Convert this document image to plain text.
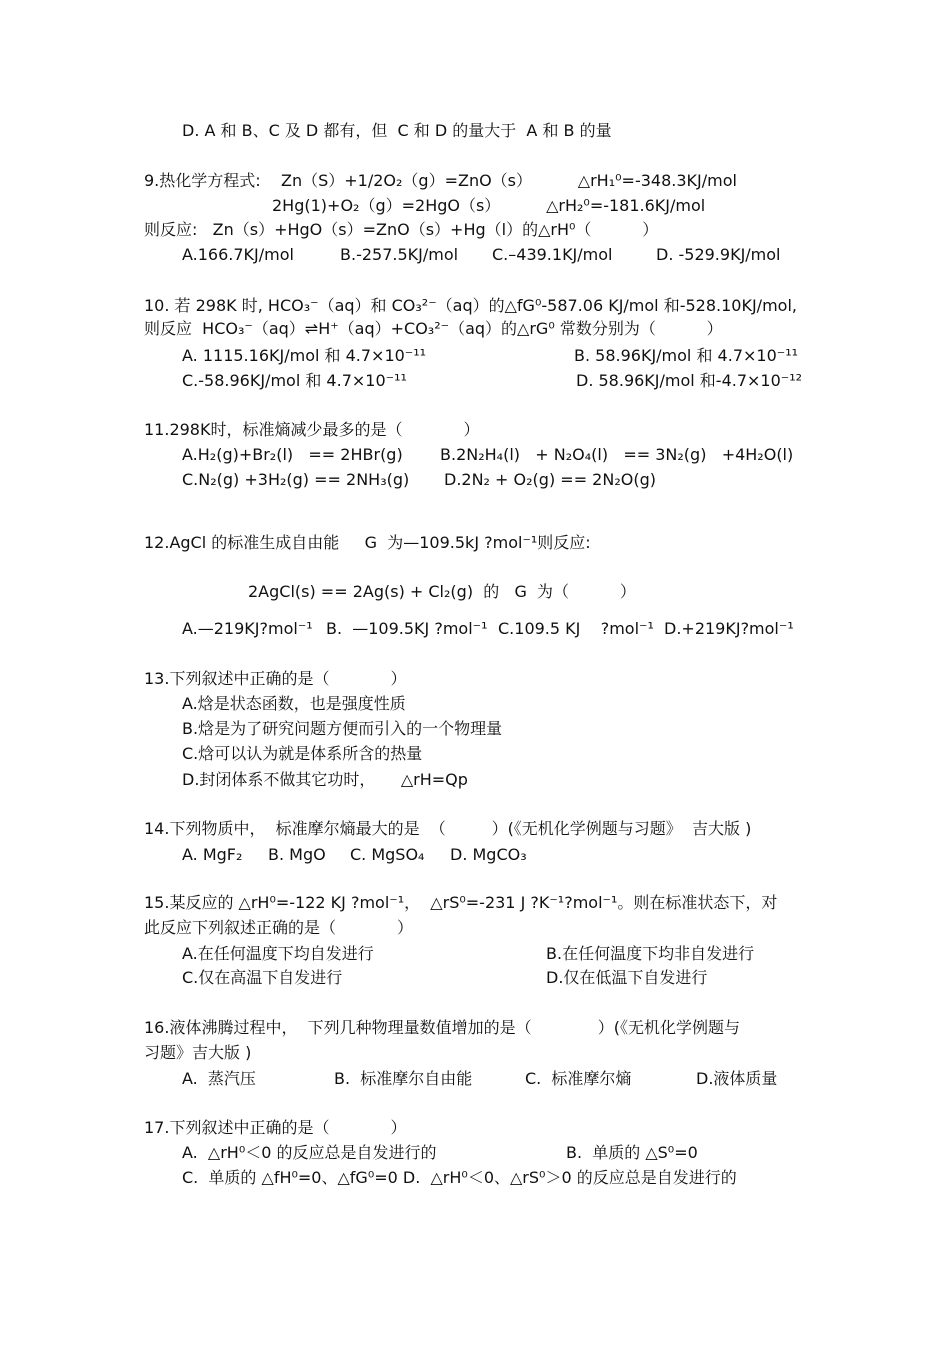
D. A 和 B、C 及 D 都有，但  C 和 D 的量大于  A 和 B 的量
9.热化学方程式:    Zn（S）+1/2O₂（g）=ZnO（s）         △rH₁⁰=-348.3KJ/mol
2Hg(1)+O₂（g）=2HgO（s）         △rH₂⁰=-181.6KJ/mol
则反应:   Zn（s）+HgO（s）=ZnO（s）+Hg（l）的△rH⁰（          ）
A.166.7KJ/mol	B.-257.5KJ/mol C.–439.1KJ/mol	D. -529.9KJ/mol
10. 若 298K 时, HCO₃⁻（aq）和 CO₃²⁻（aq）的△fG⁰-587.06 KJ/mol 和-528.10KJ/mol,
则反应  HCO₃⁻（aq）⇌H⁺（aq）+CO₃²⁻（aq）的△rG⁰ 常数分别为（          ）
A. 1115.16KJ/mol 和 4.7×10⁻¹¹	B. 58.96KJ/mol 和 4.7×10⁻¹¹
C.-58.96KJ/mol 和 4.7×10⁻¹¹	D. 58.96KJ/mol 和-4.7×10⁻¹²
11.298K时，标准熵减少最多的是（            ）
A.H₂(g)+Br₂(l)   == 2HBr(g) B.2N₂H₄(l)   + N₂O₄(l)   == 3N₂(g)   +4H₂O(l)
C.N₂(g) +3H₂(g) == 2NH₃(g) D.2N₂ + O₂(g) == 2N₂O(g)
12.AgCl 的标准生成自由能     G  为—109.5kJ ?mol⁻¹则反应:
2AgCl(s) == 2Ag(s) + Cl₂(g)  的   G  为（          ）
A.—219KJ?mol⁻¹ B.  —109.5KJ ?mol⁻¹ C.109.5 KJ    ?mol⁻¹ D.+219KJ?mol⁻¹
13.下列叙述中正确的是（            ）
A.焓是状态函数，也是强度性质
B.焓是为了研究问题方便而引入的一个物理量
C.焓可以认为就是体系所含的热量
D.封闭体系不做其它功时，     △rH=Qp
14.下列物质中，  标准摩尔熵最大的是  （         ）(《无机化学例题与习题》  吉大版 )
A. MgF₂ B. MgO C. MgSO₄ D. MgCO₃
15.某反应的 △rH⁰=-122 KJ ?mol⁻¹，  △rS⁰=-231 J ?K⁻¹?mol⁻¹。则在标准状态下，对
此反应下列叙述正确的是（            ）
A.在任何温度下均自发进行	B.在任何温度下均非自发进行
C.仅在高温下自发进行	D.仅在低温下自发进行
16.液体沸腾过程中，  下列几种物理量数值增加的是（             ）(《无机化学例题与
习题》吉大版 )
A.  蒸汽压	B.  标准摩尔自由能	C.  标准摩尔熵	D.液体质量
17.下列叙述中正确的是（            ）
A.  △rH⁰＜0 的反应总是自发进行的	B.  单质的 △S⁰=0
C.  单质的 △fH⁰=0、△fG⁰=0 D.  △rH⁰＜0、△rS⁰＞0 的反应总是自发进行的
